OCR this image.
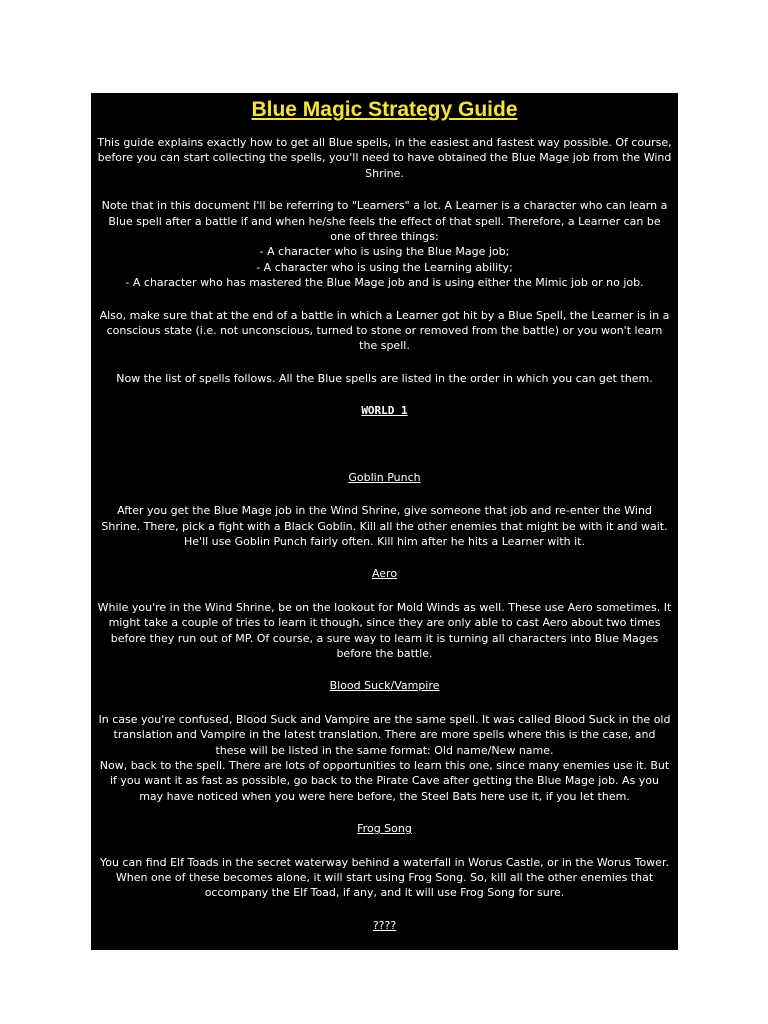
Blue Magic Strategy Guide

This guide explains exactly how to get all Blue spells, in the easiest and fastest way possible. Of course, before you can start collecting the spells, you'll need to have obtained the Blue Mage job from the Wind Shrine.

Note that in this document I'll be referring to "Learners" a lot. A Learner is a character who can learn a Blue spell after a battle if and when he/she feels the effect of that spell. Therefore, a Learner can be one of three things:
- A character who is using the Blue Mage job;
- A character who is using the Learning ability;
- A character who has mastered the Blue Mage job and is using either the Mimic job or no job.

Also, make sure that at the end of a battle in which a Learner got hit by a Blue Spell, the Learner is in a conscious state (i.e. not unconscious, turned to stone or removed from the battle) or you won't learn the spell.

Now the list of spells follows. All the Blue spells are listed in the order in which you can get them.

WORLD 1
Goblin Punch

After you get the Blue Mage job in the Wind Shrine, give someone that job and re-enter the Wind Shrine. There, pick a fight with a Black Goblin. Kill all the other enemies that might be with it and wait. He'll use Goblin Punch fairly often. Kill him after he hits a Learner with it.

Aero

While you're in the Wind Shrine, be on the lookout for Mold Winds as well. These use Aero sometimes. It might take a couple of tries to learn it though, since they are only able to cast Aero about two times before they run out of MP. Of course, a sure way to learn it is turning all characters into Blue Mages before the battle.

Blood Suck/Vampire

In case you're confused, Blood Suck and Vampire are the same spell. It was called Blood Suck in the old translation and Vampire in the latest translation. There are more spells where this is the case, and these will be listed in the same format: Old name/New name.
Now, back to the spell. There are lots of opportunities to learn this one, since many enemies use it. But if you want it as fast as possible, go back to the Pirate Cave after getting the Blue Mage job. As you may have noticed when you were here before, the Steel Bats here use it, if you let them.

Frog Song

You can find Elf Toads in the secret waterway behind a waterfall in Worus Castle, or in the Worus Tower. When one of these becomes alone, it will start using Frog Song. So, kill all the other enemies that occompany the Elf Toad, if any, and it will use Frog Song for sure.

????
